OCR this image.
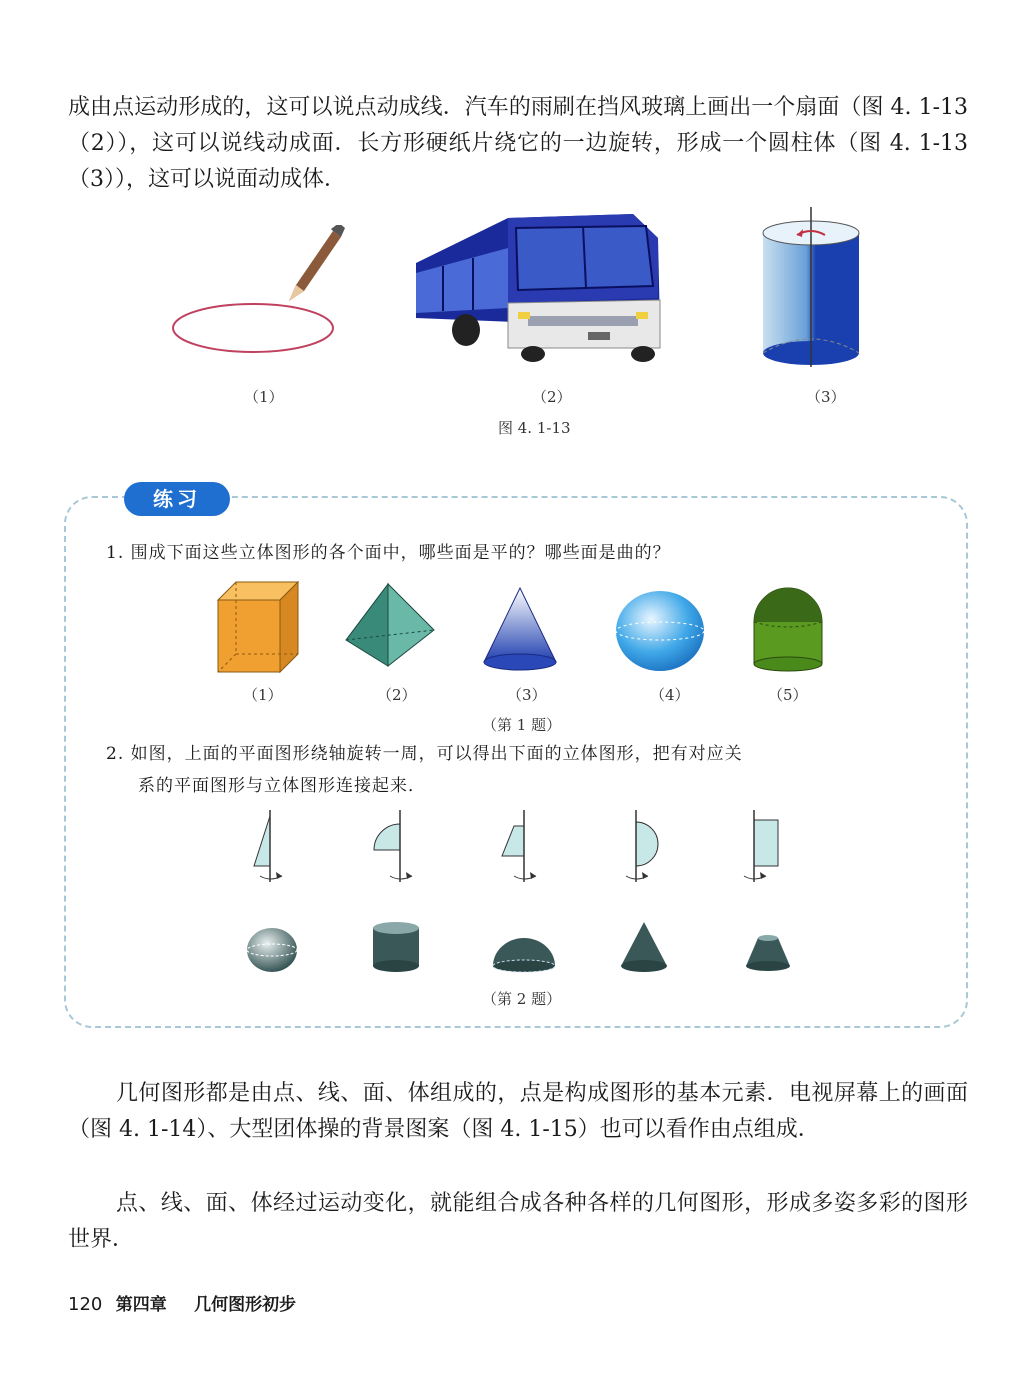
成由点运动形成的，这可以说点动成线．汽车的雨刷在挡风玻璃上画出一个扇面（图 4. 1-13（2）），这可以说线动成面．长方形硬纸片绕它的一边旋转，形成一个圆柱体（图 4. 1-13（3）），这可以说面动成体．

（1）	（2）	（3）
图 4. 1-13
练习

1. 围成下面这些立体图形的各个面中，哪些面是平的？哪些面是曲的？

（1）	（2）	（3）	（4）	（5）
（第 1 题）

2. 如图，上面的平面图形绕轴旋转一周，可以得出下面的立体图形，把有对应关

系的平面图形与立体图形连接起来．

（第 2 题）

几何图形都是由点、线、面、体组成的，点是构成图形的基本元素．电视屏幕上的画面（图 4. 1-14）、大型团体操的背景图案（图 4. 1-15）也可以看作由点组成．

点、线、面、体经过运动变化，就能组合成各种各样的几何图形，形成多姿多彩的图形世界．

120 第四章 几何图形初步
